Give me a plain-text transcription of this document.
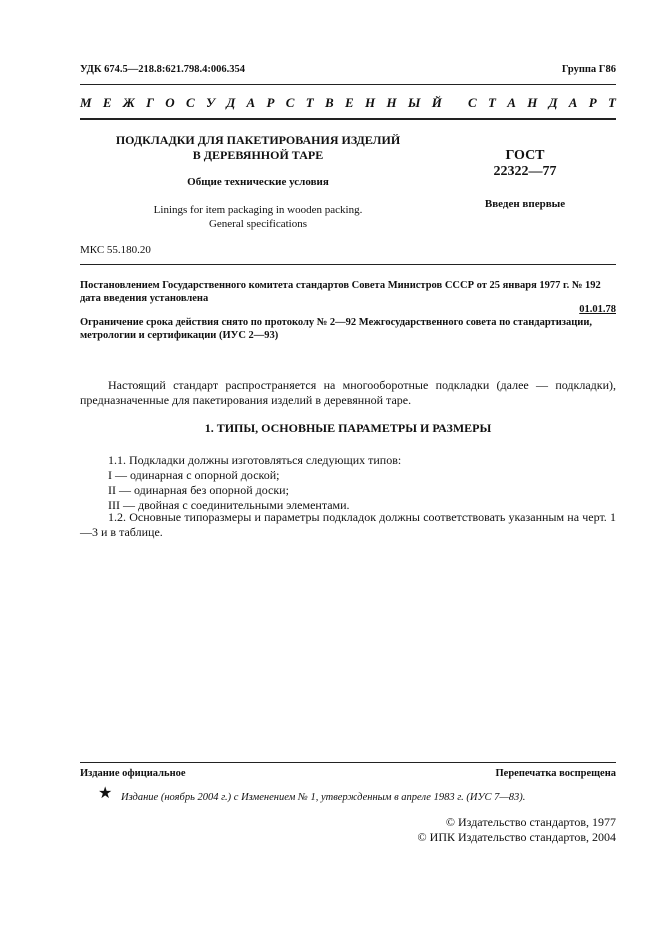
УДК 674.5—218.8:621.798.4:006.354	Группа Г86
М Е Ж Г О С У Д А Р С Т В Е Н Н Ы Й С Т А Н Д А Р Т
ПОДКЛАДКИ ДЛЯ ПАКЕТИРОВАНИЯ ИЗДЕЛИЙ
В ДЕРЕВЯННОЙ ТАРЕ
Общие технические условия
Linings for item packaging in wooden packing.
General specifications
ГОСТ
22322—77
Введен впервые
МКС 55.180.20
Постановлением Государственного комитета стандартов Совета Министров СССР от 25 января 1977 г. № 192
дата введения установлена
01.01.78
Ограничение срока действия снято по протоколу № 2—92 Межгосударственного совета по стандартизации,
метрологии и сертификации (ИУС 2—93)
Настоящий стандарт распространяется на многооборотные подкладки (далее — подкладки), предназначенные для пакетирования изделий в деревянной таре.
1. ТИПЫ, ОСНОВНЫЕ ПАРАМЕТРЫ И РАЗМЕРЫ
1.1. Подкладки должны изготовляться следующих типов:
I — одинарная с опорной доской;
II — одинарная без опорной доски;
III — двойная с соединительными элементами.
1.2. Основные типоразмеры и параметры подкладок должны соответствовать указанным на черт. 1—3 и в таблице.
Издание официальное	Перепечатка воспрещена
★ Издание (ноябрь 2004 г.) с Изменением № 1, утвержденным в апреле 1983 г. (ИУС 7—83).
© Издательство стандартов, 1977
© ИПК Издательство стандартов, 2004
